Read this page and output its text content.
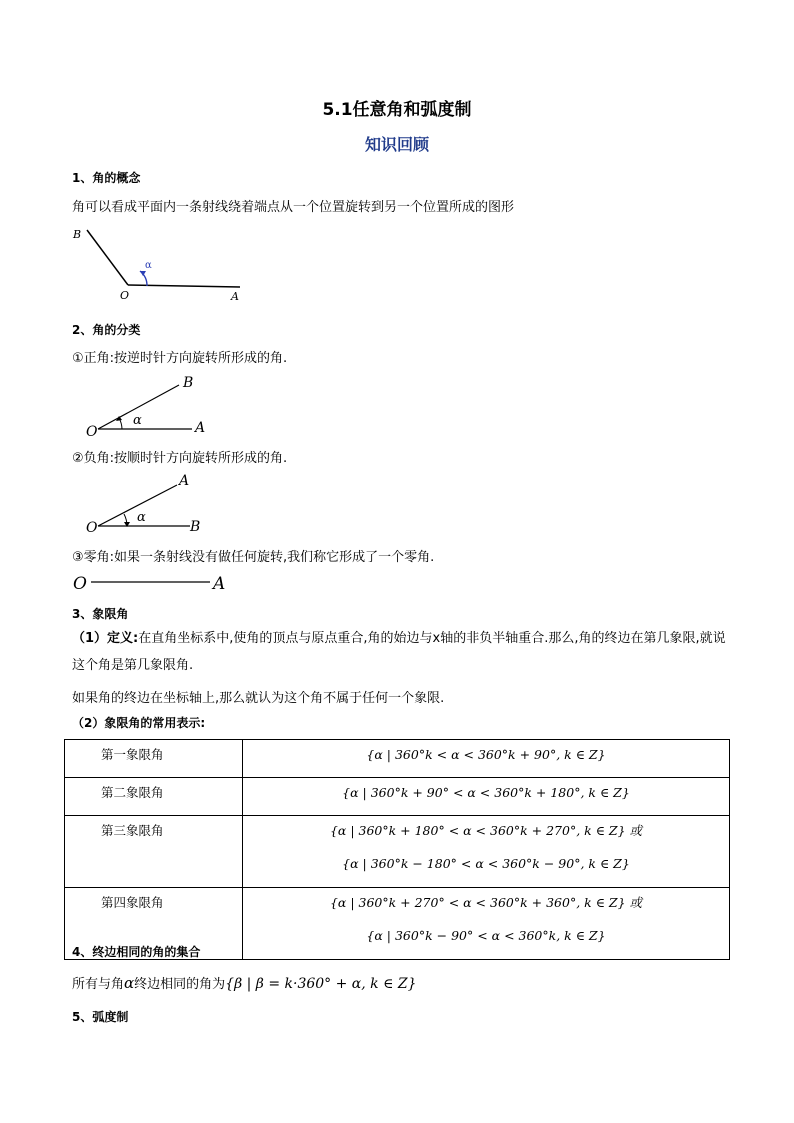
5.1任意角和弧度制
知识回顾
1、角的概念
角可以看成平面内一条射线绕着端点从一个位置旋转到另一个位置所成的图形
B
α
O	A
2、角的分类
①正角:按逆时针方向旋转所形成的角.
B
α
O	A
②负角:按顺时针方向旋转所形成的角.
A
α
O	B
③零角:如果一条射线没有做任何旋转,我们称它形成了一个零角.
O	A
3、象限角
（1）定义:在直角坐标系中,使角的顶点与原点重合,角的始边与x轴的非负半轴重合.那么,角的终边在第几象限,就说这个角是第几象限角.
如果角的终边在坐标轴上,那么就认为这个角不属于任何一个象限.
（2）象限角的常用表示:
第一象限角	{α | 360°k < α < 360°k + 90°, k ∈ Z}

第二象限角	{α | 360°k + 90° < α < 360°k + 180°, k ∈ Z}

第三象限角	{α | 360°k + 180° < α < 360°k + 270°, k ∈ Z} 或
{α | 360°k − 180° < α < 360°k − 90°, k ∈ Z}

第四象限角	{α | 360°k + 270° < α < 360°k + 360°, k ∈ Z} 或
{α | 360°k − 90° < α < 360°k, k ∈ Z}
4、终边相同的角的集合
所有与角α终边相同的角为{β | β = k·360° + α, k ∈ Z}
5、弧度制
